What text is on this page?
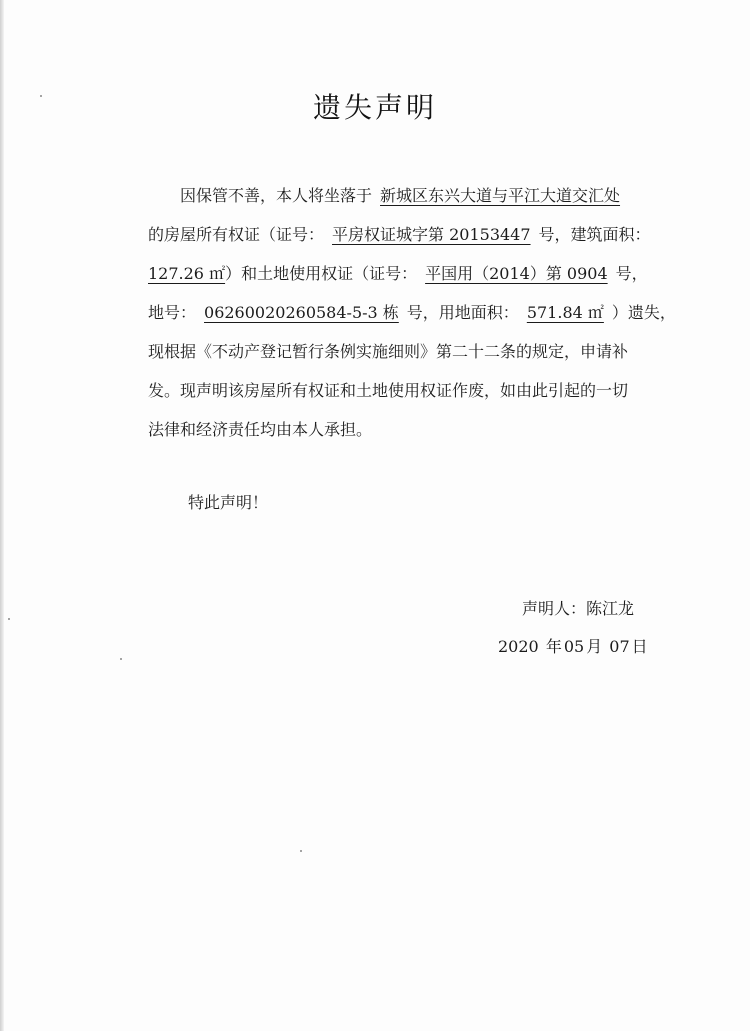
遗失声明
因保管不善，本人将坐落于 新城区东兴大道与平江大道交汇处
的房屋所有权证（证号： 平房权证城字第 20153447 号，建筑面积：
127.26 ㎡）和土地使用权证（证号： 平国用（2014）第 0904 号，
地号： 06260020260584-5-3 栋 号，用地面积： 571.84 ㎡ ）遗失，
现根据《不动产登记暂行条例实施细则》第二十二条的规定，申请补
发。现声明该房屋所有权证和土地使用权证作废，如由此引起的一切
法律和经济责任均由本人承担。
特此声明！
声明人：陈江龙
2020 年 05 月 07 日
